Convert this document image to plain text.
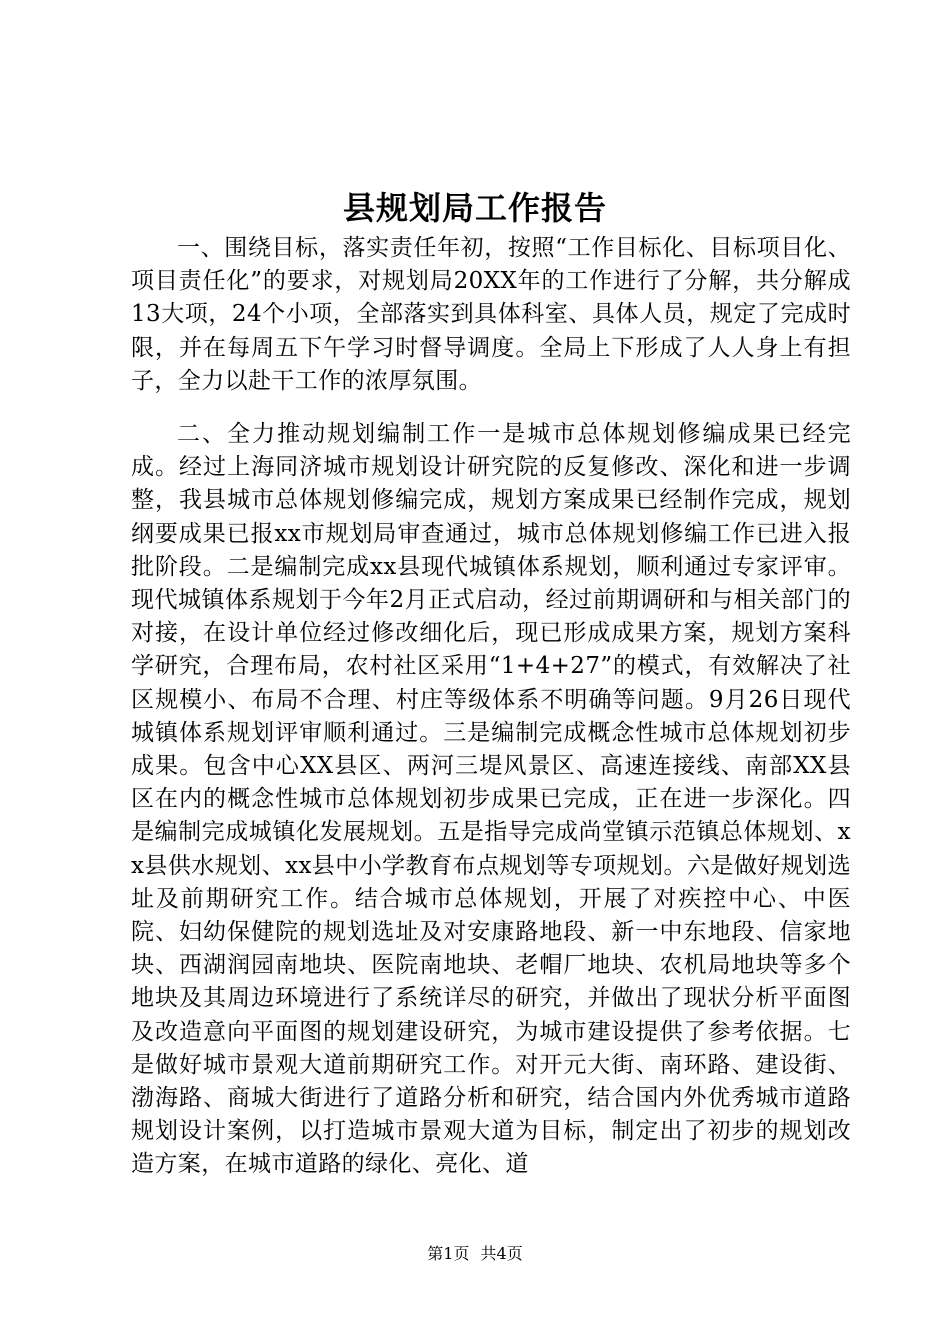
县规划局工作报告

一、围绕目标，落实责任年初，按照“工作目标化、目标项目化、项目责任化”的要求，对规划局20XX年的工作进行了分解，共分解成13大项，24个小项，全部落实到具体科室、具体人员，规定了完成时限，并在每周五下午学习时督导调度。全局上下形成了人人身上有担子，全力以赴干工作的浓厚氛围。

二、全力推动规划编制工作一是城市总体规划修编成果已经完成。经过上海同济城市规划设计研究院的反复修改、深化和进一步调整，我县城市总体规划修编完成，规划方案成果已经制作完成，规划纲要成果已报xx市规划局审查通过，城市总体规划修编工作已进入报批阶段。二是编制完成xx县现代城镇体系规划，顺利通过专家评审。现代城镇体系规划于今年2月正式启动，经过前期调研和与相关部门的对接，在设计单位经过修改细化后，现已形成成果方案，规划方案科学研究，合理布局，农村社区采用“1+4+27”的模式，有效解决了社区规模小、布局不合理、村庄等级体系不明确等问题。9月26日现代城镇体系规划评审顺利通过。三是编制完成概念性城市总体规划初步成果。包含中心XX县区、两河三堤风景区、高速连接线、南部XX县区在内的概念性城市总体规划初步成果已完成，正在进一步深化。四是编制完成城镇化发展规划。五是指导完成尚堂镇示范镇总体规划、xx县供水规划、xx县中小学教育布点规划等专项规划。六是做好规划选址及前期研究工作。结合城市总体规划，开展了对疾控中心、中医院、妇幼保健院的规划选址及对安康路地段、新一中东地段、信家地块、西湖润园南地块、医院南地块、老帽厂地块、农机局地块等多个地块及其周边环境进行了系统详尽的研究，并做出了现状分析平面图及改造意向平面图的规划建设研究，为城市建设提供了参考依据。七是做好城市景观大道前期研究工作。对开元大街、南环路、建设街、渤海路、商城大街进行了道路分析和研究，结合国内外优秀城市道路规划设计案例，以打造城市景观大道为目标，制定出了初步的规划改造方案，在城市道路的绿化、亮化、道

第1页 共4页
